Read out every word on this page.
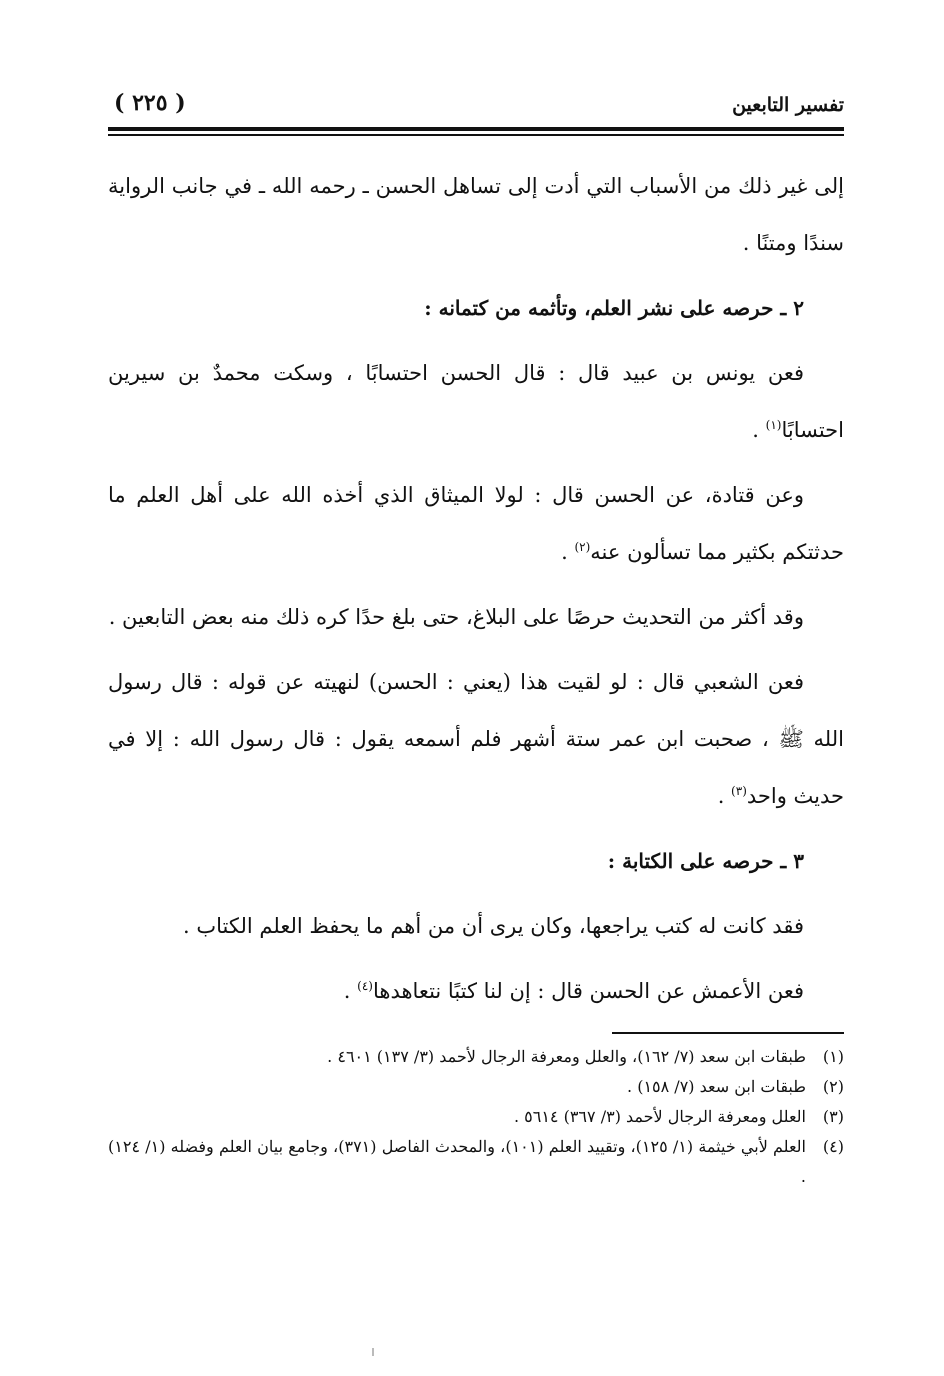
تفسير التابعين
( ٢٢٥ )

إلى غير ذلك من الأسباب التي أدت إلى تساهل الحسن ـ رحمه الله ـ في جانب الرواية سندًا ومتنًا .

٢ ـ حرصه على نشر العلم، وتأثمه من كتمانه :

فعن يونس بن عبيد قال : قال الحسن احتسابًا ، وسكت محمدٌ بن سيرين احتسابًا$^{(١)}$ .

وعن قتادة، عن الحسن قال : لولا الميثاق الذي أخذه الله على أهل العلم ما حدثتكم بكثير مما تسألون عنه$^{(٢)}$ .

وقد أكثر من التحديث حرصًا على البلاغ، حتى بلغ حدًا كره ذلك منه بعض التابعين .

فعن الشعبي قال : لو لقيت هذا (يعني : الحسن) لنهيته عن قوله : قال رسول الله ﷺ ، صحبت ابن عمر ستة أشهر فلم أسمعه يقول : قال رسول الله : إلا في حديث واحد$^{(٣)}$ .

٣ ـ حرصه على الكتابة :

فقد كانت له كتب يراجعها، وكان يرى أن من أهم ما يحفظ العلم الكتاب .

فعن الأعمش عن الحسن قال : إن لنا كتبًا نتعاهدها$^{(٤)}$ .

(١)
طبقات ابن سعد (٧/ ١٦٢)، والعلل ومعرفة الرجال لأحمد (٣/ ١٣٧) ٤٦٠١ .
(٢)
طبقات ابن سعد (٧/ ١٥٨) .
(٣)
العلل ومعرفة الرجال لأحمد (٣/ ٣٦٧) ٥٦١٤ .
(٤)
العلم لأبي خيثمة (١/ ١٢٥)، وتقييد العلم (١٠١)، والمحدث الفاصل (٣٧١)، وجامع بيان العلم وفضله (١/ ١٢٤) .
